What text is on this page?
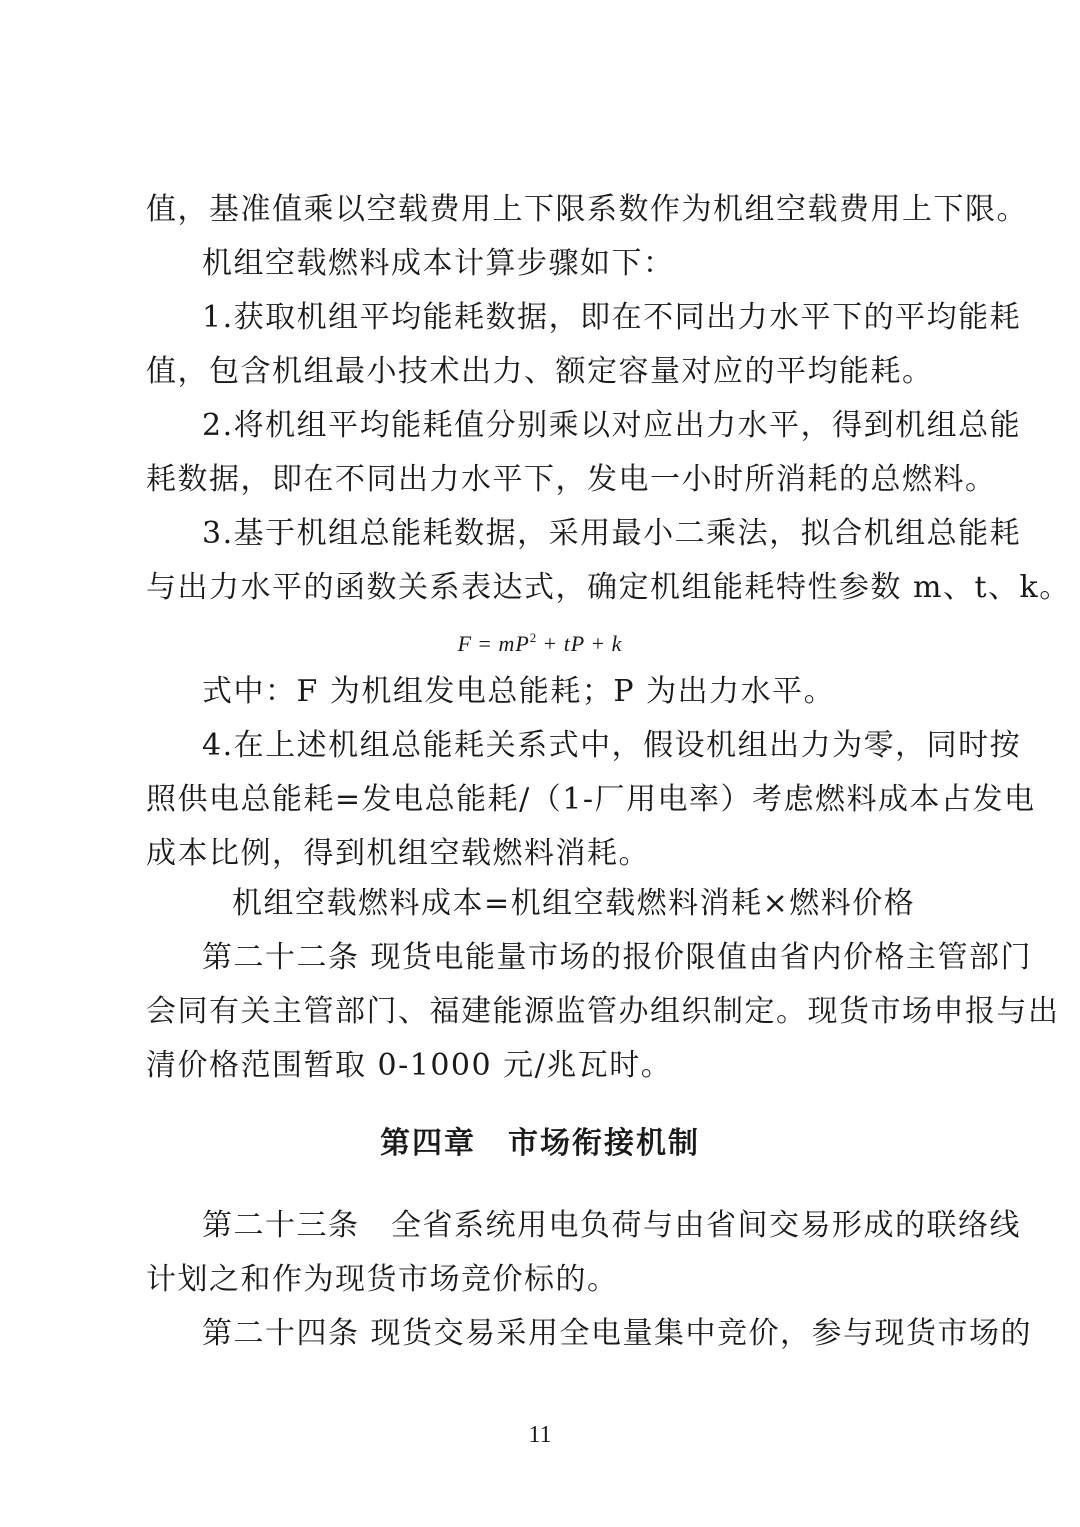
值，基准值乘以空载费用上下限系数作为机组空载费用上下限。
机组空载燃料成本计算步骤如下：
1.获取机组平均能耗数据，即在不同出力水平下的平均能耗
值，包含机组最小技术出力、额定容量对应的平均能耗。
2.将机组平均能耗值分别乘以对应出力水平，得到机组总能
耗数据，即在不同出力水平下，发电一小时所消耗的总燃料。
3.基于机组总能耗数据，采用最小二乘法，拟合机组总能耗
与出力水平的函数关系表达式，确定机组能耗特性参数 m、t、k。
$F = mP^2$ + tP + k
式中：F 为机组发电总能耗；P 为出力水平。
4.在上述机组总能耗关系式中，假设机组出力为零，同时按
照供电总能耗=发电总能耗/（1-厂用电率）考虑燃料成本占发电
成本比例，得到机组空载燃料消耗。
机组空载燃料成本=机组空载燃料消耗×燃料价格
第二十二条 现货电能量市场的报价限值由省内价格主管部门
会同有关主管部门、福建能源监管办组织制定。现货市场申报与出
清价格范围暂取 0-1000 元/兆瓦时。
第四章　市场衔接机制
第二十三条　全省系统用电负荷与由省间交易形成的联络线
计划之和作为现货市场竞价标的。
第二十四条 现货交易采用全电量集中竞价，参与现货市场的
11
